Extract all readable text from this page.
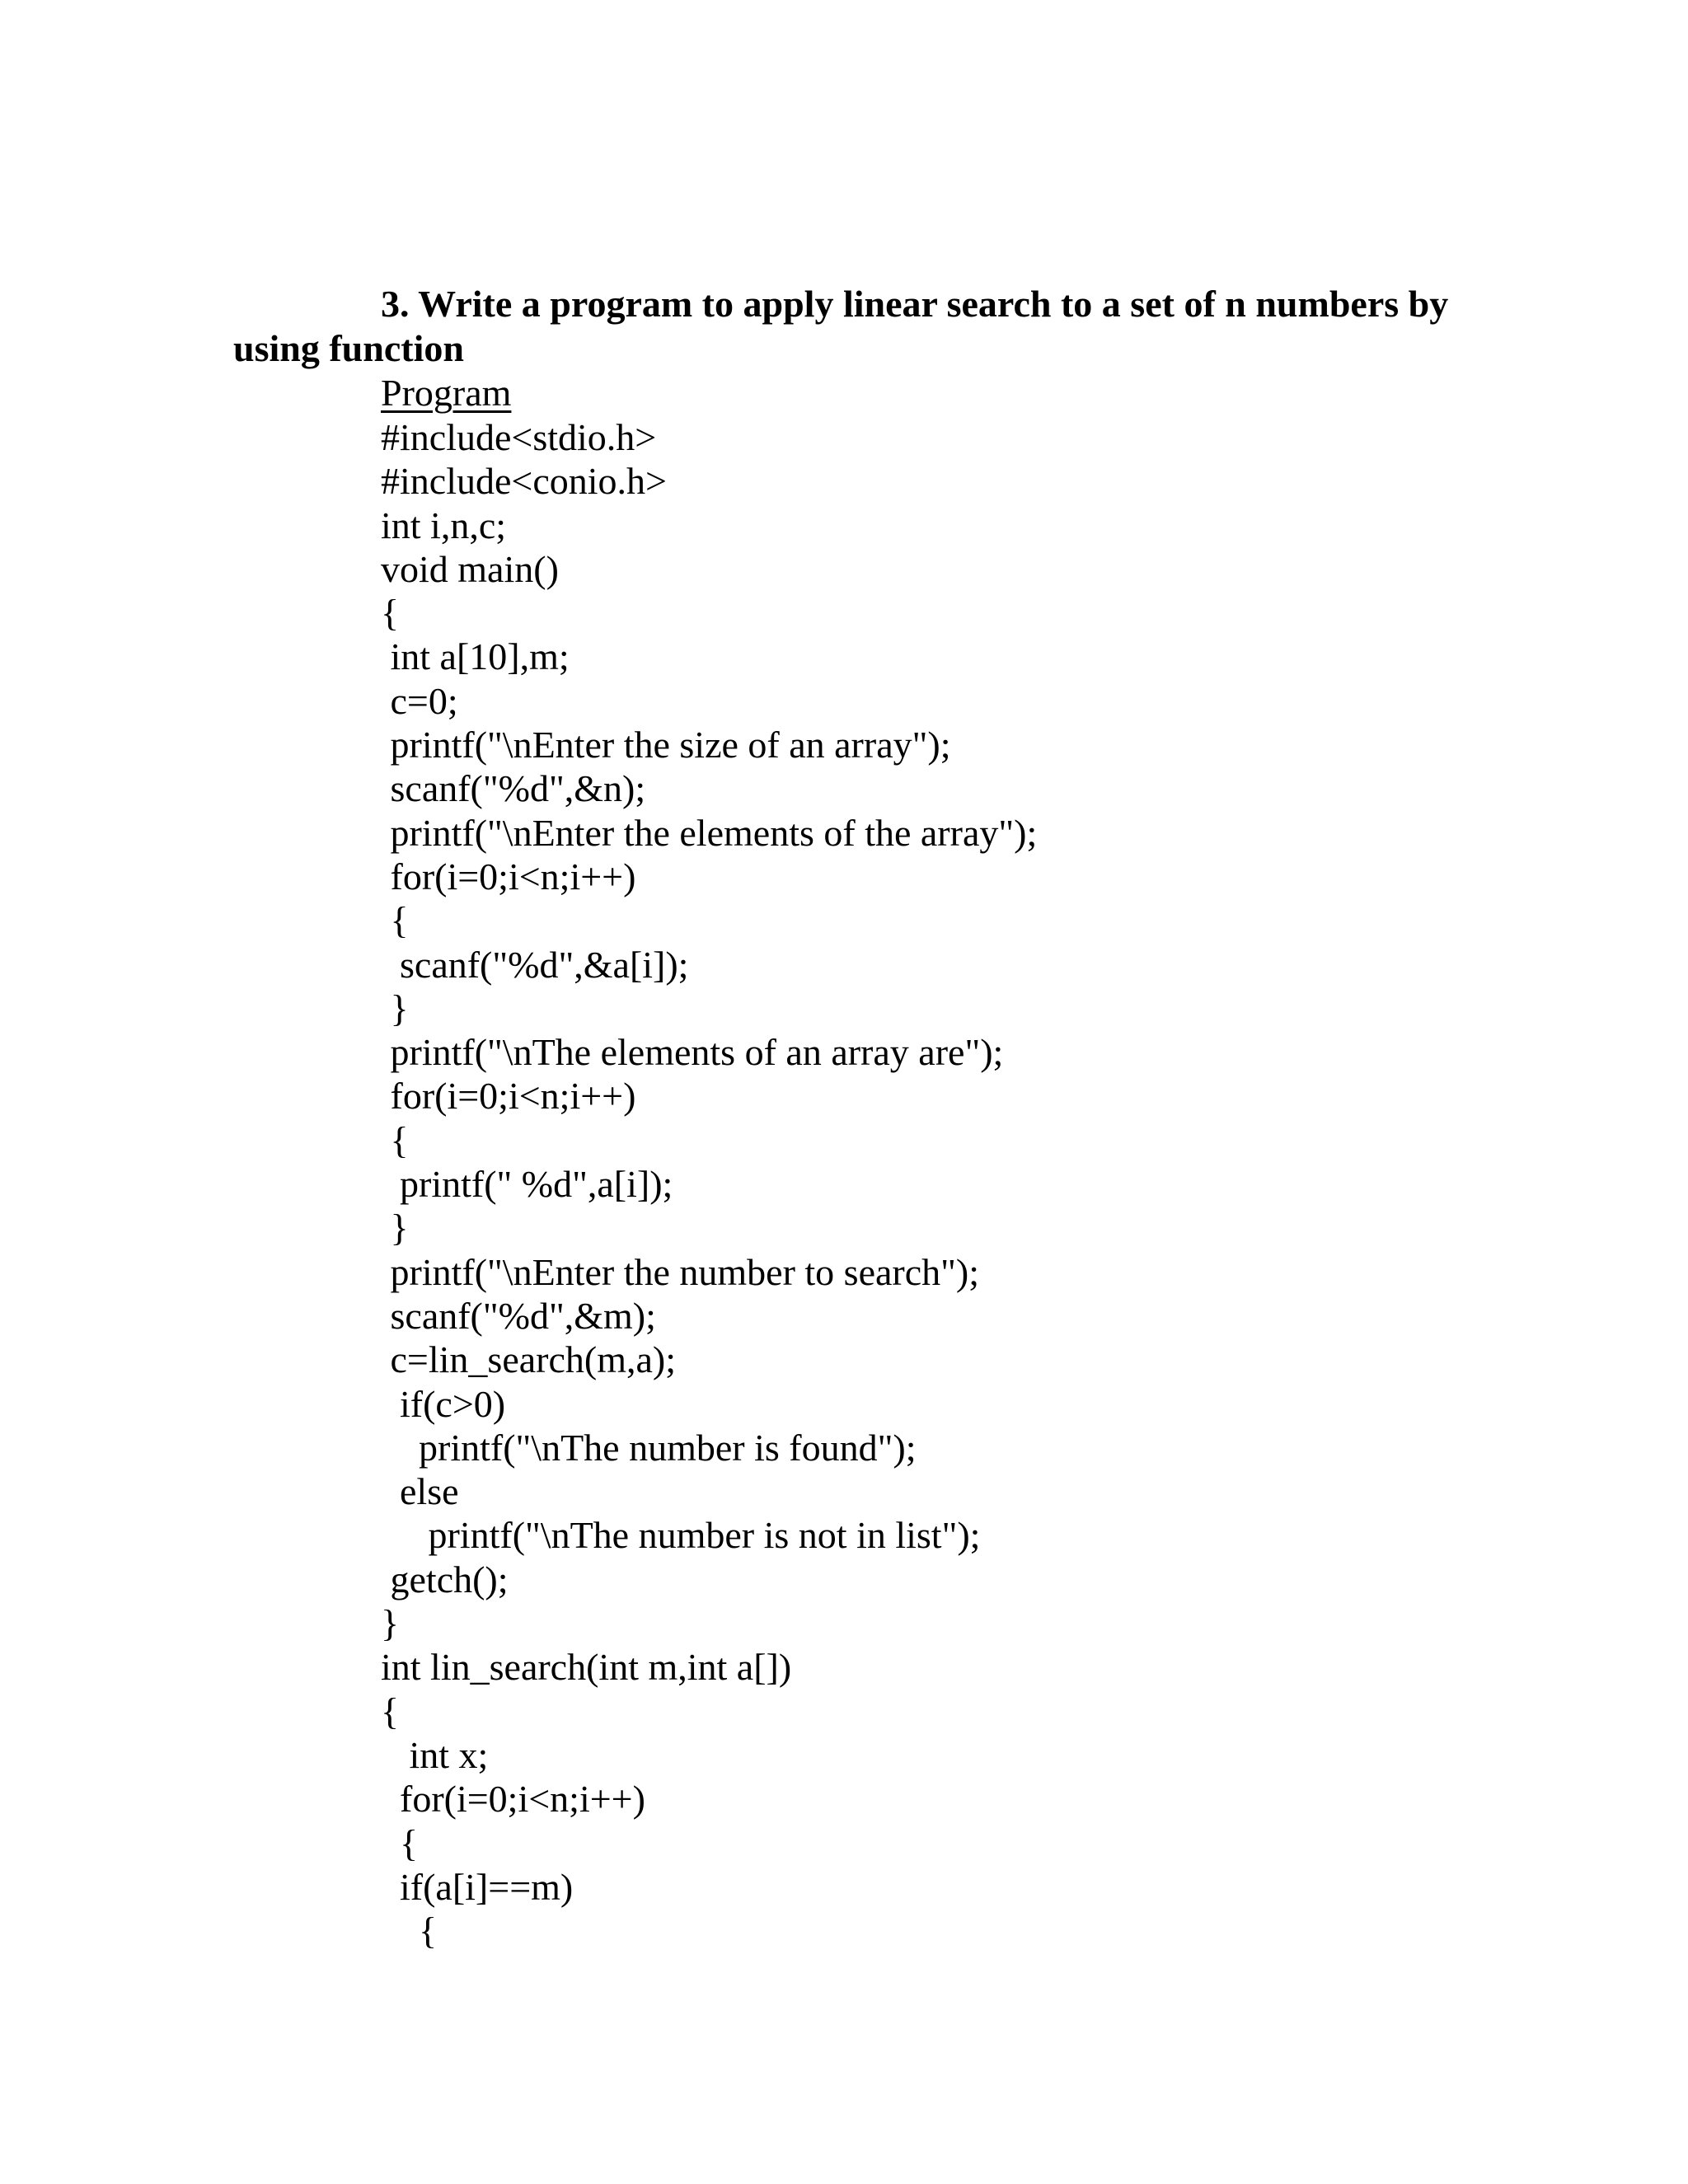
3. Write a program to apply linear search to a set of n numbers by
using function
Program
#include<stdio.h>
#include<conio.h>
int i,n,c;
void main()
{
int a[10],m;
c=0;
printf("\nEnter the size of an array");
scanf("%d",&n);
printf("\nEnter the elements of the array");
for(i=0;i<n;i++)
{
scanf("%d",&a[i]);
}
printf("\nThe elements of an array are");
for(i=0;i<n;i++)
{
printf(" %d",a[i]);
}
printf("\nEnter the number to search");
scanf("%d",&m);
c=lin_search(m,a);
if(c>0)
printf("\nThe number is found");
else
printf("\nThe number is not in list");
getch();
}
int lin_search(int m,int a[])
{
int x;
for(i=0;i<n;i++)
{
if(a[i]==m)
{
